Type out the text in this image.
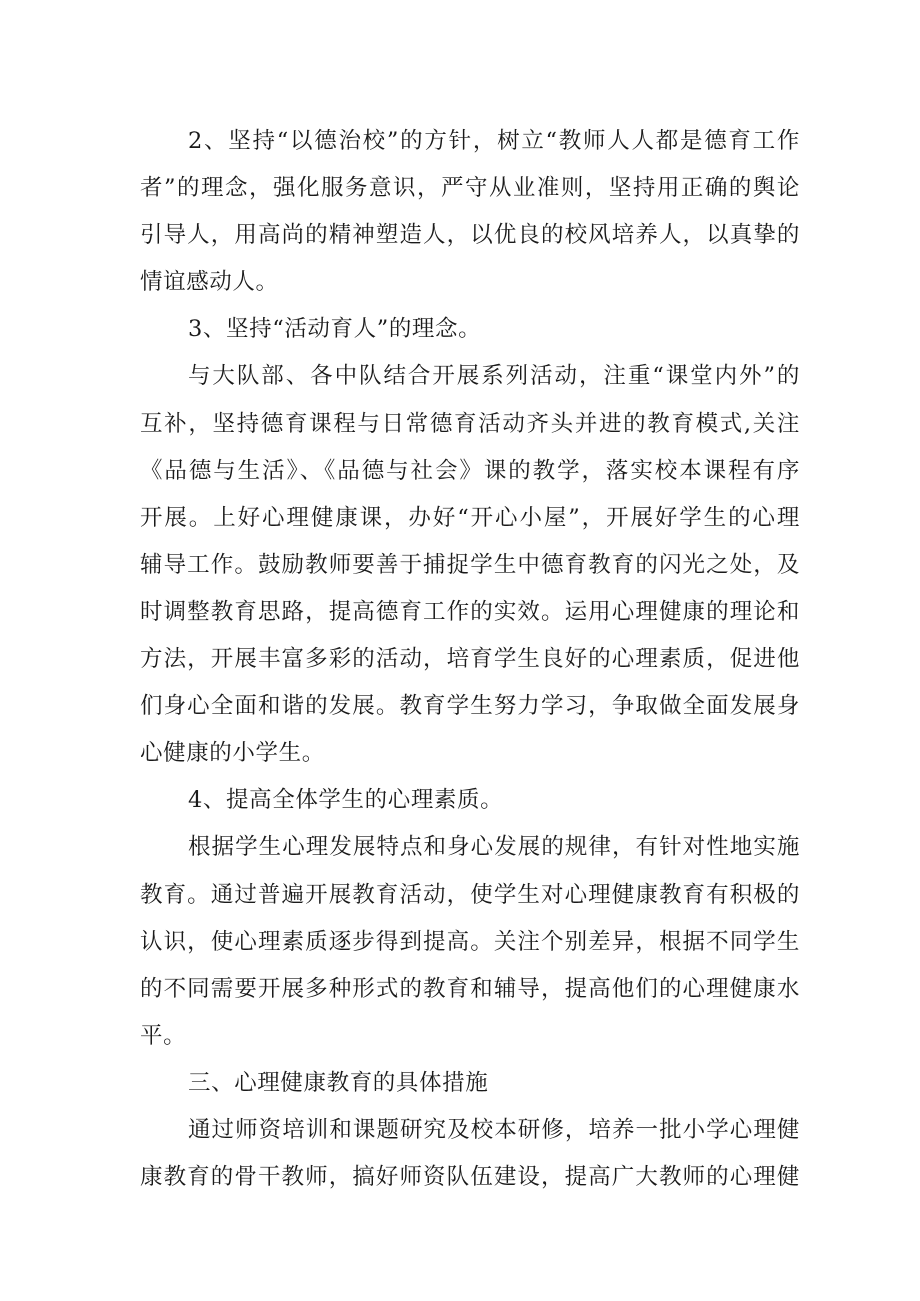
2、坚持“以德治校”的方针，树立“教师人人都是德育工作
者”的理念，强化服务意识，严守从业准则，坚持用正确的舆论
引导人，用高尚的精神塑造人，以优良的校风培养人，以真挚的
情谊感动人。
3、坚持“活动育人”的理念。
与大队部、各中队结合开展系列活动，注重“课堂内外”的
互补，坚持德育课程与日常德育活动齐头并进的教育模式,关注
《品德与生活》、《品德与社会》课的教学，落实校本课程有序
开展。上好心理健康课，办好“开心小屋”，开展好学生的心理
辅导工作。鼓励教师要善于捕捉学生中德育教育的闪光之处，及
时调整教育思路，提高德育工作的实效。运用心理健康的理论和
方法，开展丰富多彩的活动，培育学生良好的心理素质，促进他
们身心全面和谐的发展。教育学生努力学习，争取做全面发展身
心健康的小学生。
4、提高全体学生的心理素质。
根据学生心理发展特点和身心发展的规律，有针对性地实施
教育。通过普遍开展教育活动，使学生对心理健康教育有积极的
认识，使心理素质逐步得到提高。关注个别差异，根据不同学生
的不同需要开展多种形式的教育和辅导，提高他们的心理健康水
平。
三、心理健康教育的具体措施
通过师资培训和课题研究及校本研修，培养一批小学心理健
康教育的骨干教师，搞好师资队伍建设，提高广大教师的心理健
